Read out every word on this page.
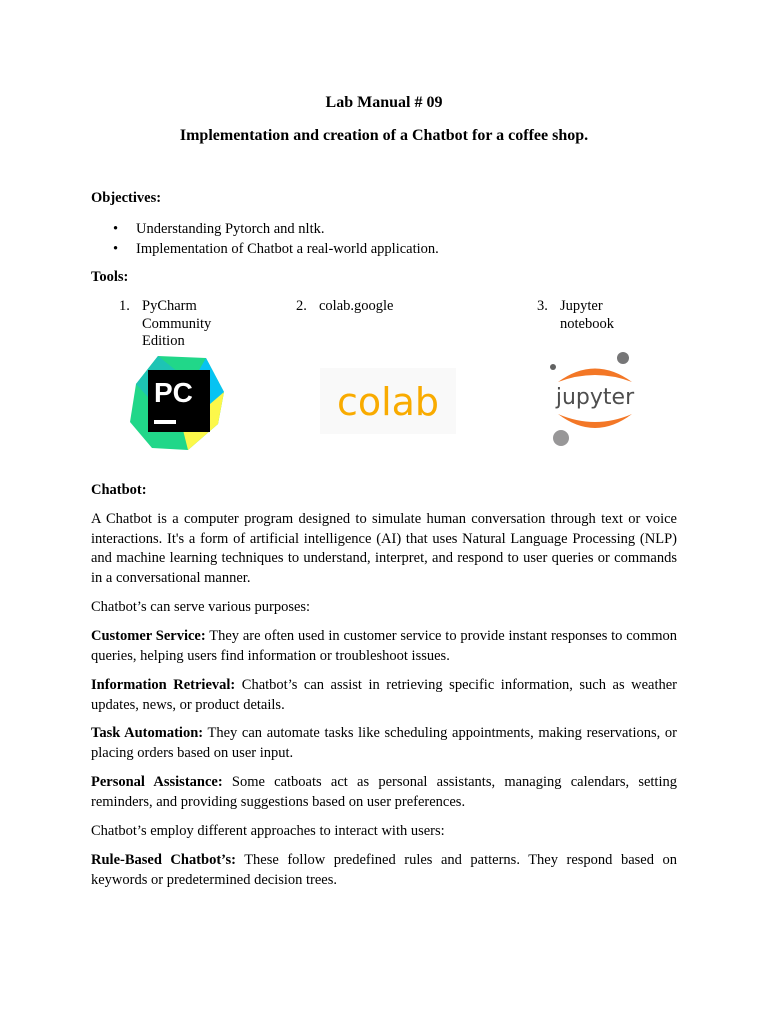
Lab Manual # 09
Implementation and creation of a Chatbot for a coffee shop.
Objectives:
• Understanding Pytorch and nltk.
• Implementation of Chatbot a real-world application.
Tools:
1. PyCharm
Community
Edition
2. colab.google	3. Jupyter notebook
PC	colab	jupyter
Chatbot:
A Chatbot is a computer program designed to simulate human conversation through text or voice interactions. It's a form of artificial intelligence (AI) that uses Natural Language Processing (NLP) and machine learning techniques to understand, interpret, and respond to user queries or commands in a conversational manner.
Chatbot’s can serve various purposes:
Customer Service: They are often used in customer service to provide instant responses to common queries, helping users find information or troubleshoot issues.
Information Retrieval: Chatbot’s can assist in retrieving specific information, such as weather updates, news, or product details.
Task Automation: They can automate tasks like scheduling appointments, making reservations, or placing orders based on user input.
Personal Assistance: Some catboats act as personal assistants, managing calendars, setting reminders, and providing suggestions based on user preferences.
Chatbot’s employ different approaches to interact with users:
Rule-Based Chatbot’s: These follow predefined rules and patterns. They respond based on keywords or predetermined decision trees.
